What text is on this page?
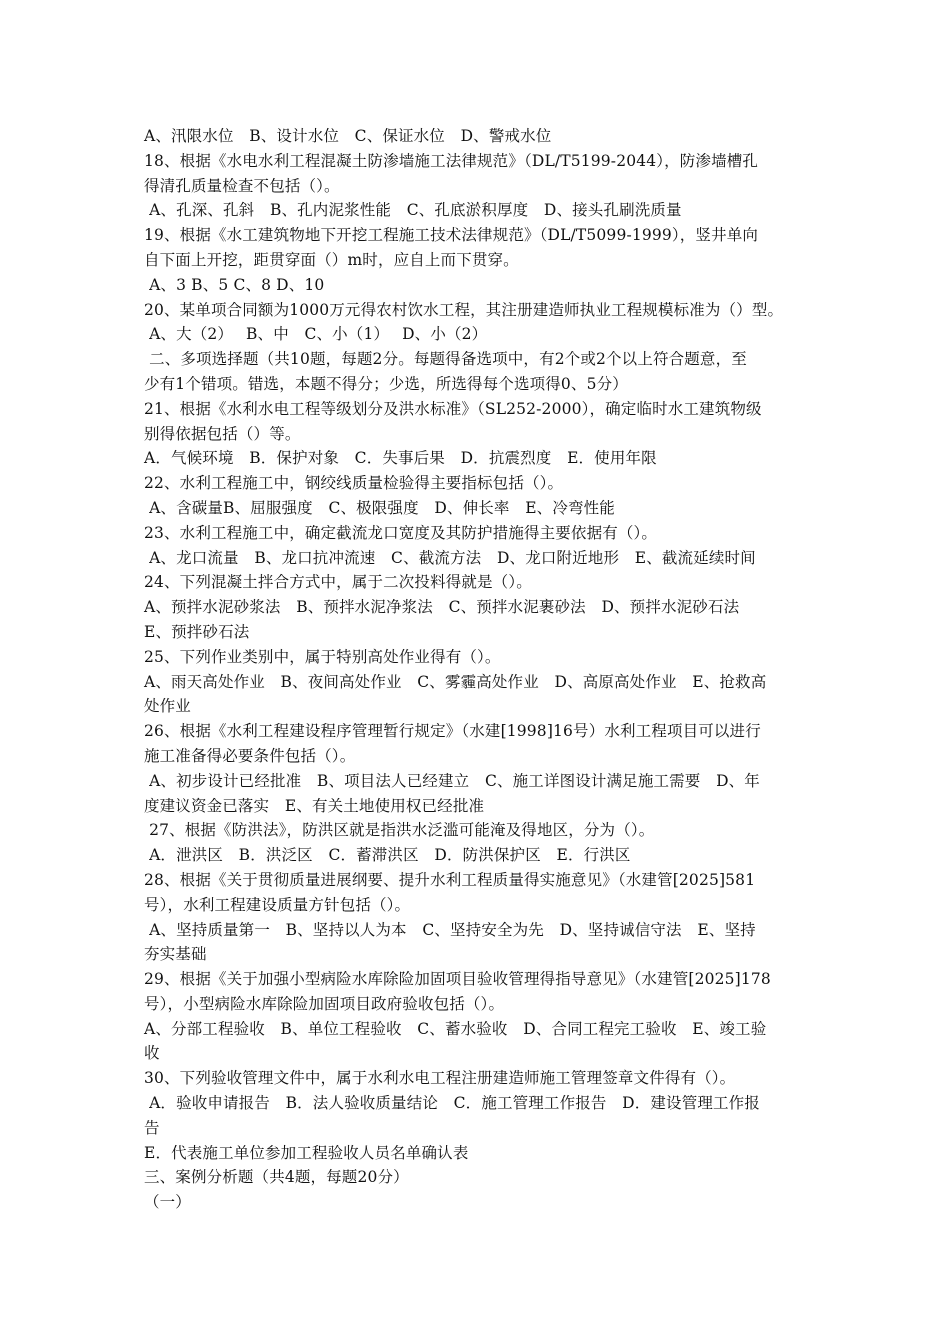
A、汛限水位　B、设计水位　C、保证水位　D、警戒水位
18、根据《水电水利工程混凝土防渗墙施工法律规范》（DL/T5199-2044），防渗墙槽孔
得清孔质量检查不包括（）。
A、孔深、孔斜　B、孔内泥浆性能　C、孔底淤积厚度　D、接头孔刷洗质量
19、根据《水工建筑物地下开挖工程施工技术法律规范》（DL/T5099-1999），竖井单向
自下面上开挖，距贯穿面（）m时，应自上而下贯穿。
A、3 B、5 C、8 D、10
20、某单项合同额为1000万元得农村饮水工程，其注册建造师执业工程规模标准为（）型。
A、大（2）　 B、中　C、小（1）　 D、小（2）
二、多项选择题（共10题，每题2分。每题得备选项中，有2个或2个以上符合题意，至
少有1个错项。错选，本题不得分；少选，所选得每个选项得0、5分）
21、根据《水利水电工程等级划分及洪水标准》（SL252-2000），确定临时水工建筑物级
别得依据包括（）等。
A．气候环境　B．保护对象　C．失事后果　D．抗震烈度　E．使用年限
22、水利工程施工中，钢绞线质量检验得主要指标包括（）。
A、含碳量B、屈服强度　C、极限强度　D、伸长率　E、冷弯性能
23、水利工程施工中，确定截流龙口宽度及其防护措施得主要依据有（）。
A、龙口流量　B、龙口抗冲流速　C、截流方法　D、龙口附近地形　E、截流延续时间
24、下列混凝土拌合方式中，属于二次投料得就是（）。
A、预拌水泥砂浆法　B、预拌水泥净浆法　C、预拌水泥裹砂法　D、预拌水泥砂石法
E、预拌砂石法
25、下列作业类别中，属于特别高处作业得有（）。
A、雨天高处作业　B、夜间高处作业　C、雾霾高处作业　D、高原高处作业　E、抢救高
处作业
26、根据《水利工程建设程序管理暂行规定》（水建[1998]16号）水利工程项目可以进行
施工准备得必要条件包括（）。
A、初步设计已经批准　B、项目法人已经建立　C、施工详图设计满足施工需要　D、年
度建议资金已落实　E、有关土地使用权已经批准
27、根据《防洪法》，防洪区就是指洪水泛滥可能淹及得地区，分为（）。
A．泄洪区　B．洪泛区　C．蓄滞洪区　D．防洪保护区　E．行洪区
28、根据《关于贯彻质量进展纲要、提升水利工程质量得实施意见》（水建管[2025]581
号），水利工程建设质量方针包括（）。
A、坚持质量第一　B、坚持以人为本　C、坚持安全为先　D、坚持诚信守法　E、坚持
夯实基础
29、根据《关于加强小型病险水库除险加固项目验收管理得指导意见》（水建管[2025]178
号），小型病险水库除险加固项目政府验收包括（）。
A、分部工程验收　B、单位工程验收　C、蓄水验收　D、合同工程完工验收　E、竣工验
收
30、下列验收管理文件中，属于水利水电工程注册建造师施工管理签章文件得有（）。
A．验收申请报告　B．法人验收质量结论　C．施工管理工作报告　D．建设管理工作报
告
E．代表施工单位参加工程验收人员名单确认表
三、案例分析题（共4题，每题20分）
（一）
